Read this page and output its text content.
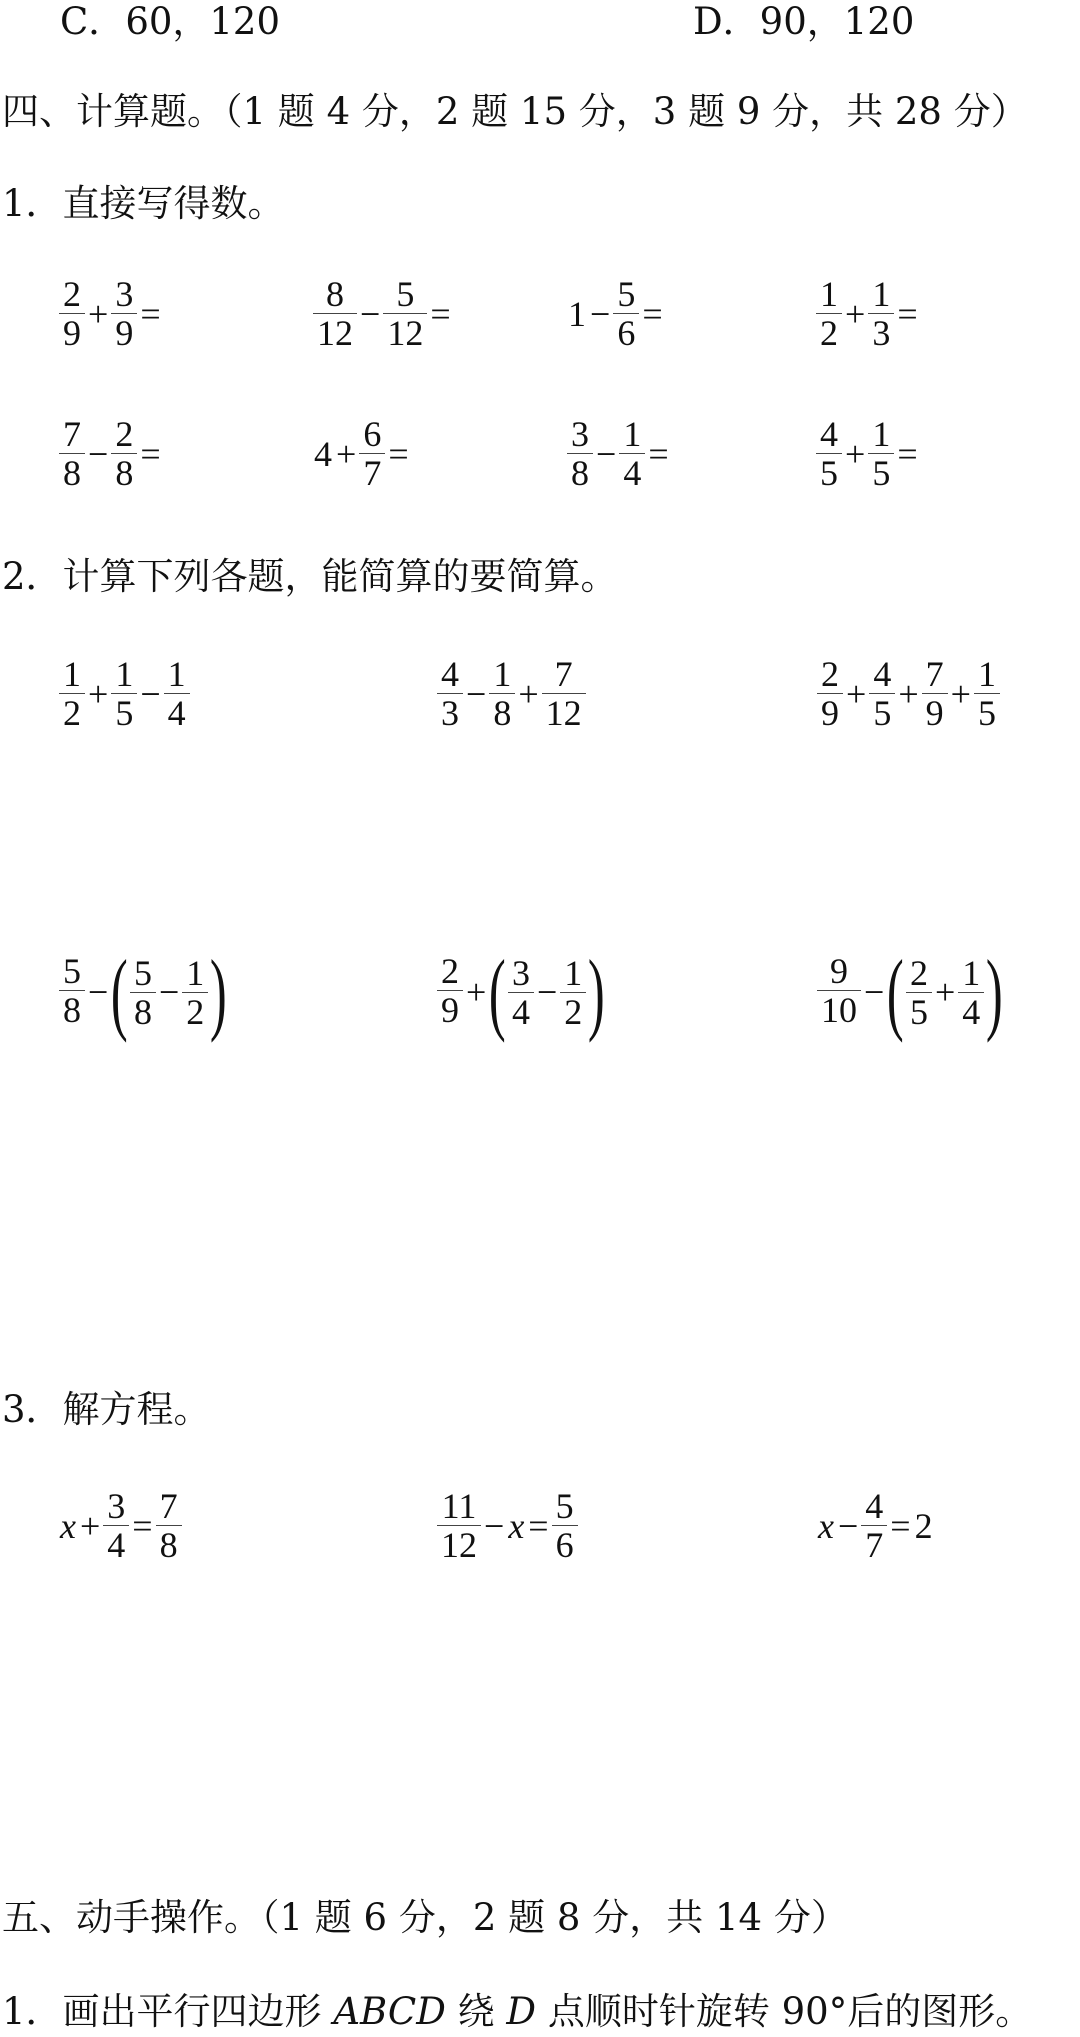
C．60，120	D．90，120
四、计算题。（1 题 4 分，2 题 15 分，3 题 9 分，共 28 分）
1．直接写得数。
$\frac{2}{9} + \frac{3}{9}$ =	$\frac{8}{12} - \frac{5}{12}$ =	$1 - \frac{5}{6}$ =	$\frac{1}{2} + \frac{1}{3}$ =
$\frac{7}{8} - \frac{2}{8}$ =	$4 + \frac{6}{7}$ =	$\frac{3}{8} - \frac{1}{4}$ =	$\frac{4}{5} + \frac{1}{5}$ =
2．计算下列各题，能简算的要简算。
$\frac{1}{2} + \frac{1}{5} - \frac{1}{4}$	$\frac{4}{3} - \frac{1}{8} + \frac{7}{12}$	$\frac{2}{9} + \frac{4}{5} + \frac{7}{9} + \frac{1}{5}$
$\frac{5}{8}$ −( $\frac{5}{8} - \frac{1}{2}$ )	$\frac{2}{9}$ +( $\frac{3}{4} - \frac{1}{2}$ )	$\frac{9}{10}$ −( $\frac{2}{5} + \frac{1}{4}$ )
3．解方程。
$x + \frac{3}{4} = \frac{7}{8}$	$\frac{11}{12} - x = \frac{5}{6}$	$x - \frac{4}{7} = 2$
五、动手操作。（1 题 6 分，2 题 8 分，共 14 分）
1．画出平行四边形 ABCD 绕 D 点顺时针旋转 90°后的图形。
